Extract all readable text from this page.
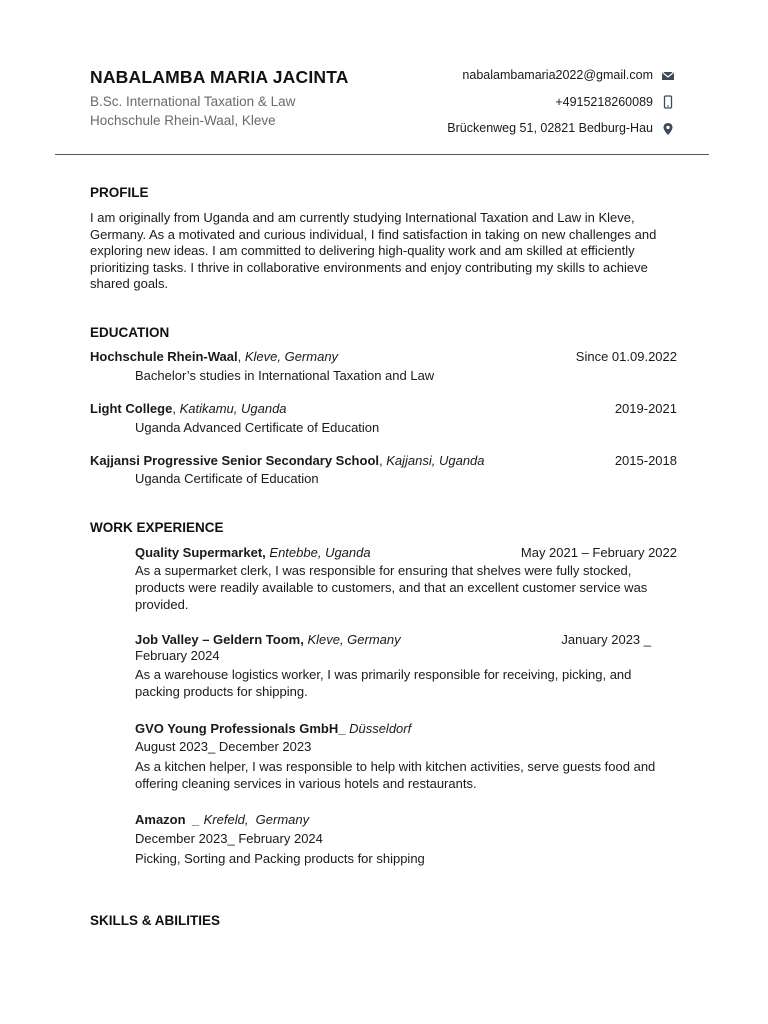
NABALAMBA MARIA JACINTA
B.Sc. International Taxation & Law
Hochschule Rhein-Waal, Kleve
nabalambamaria2022@gmail.com
+4915218260089
Brückenweg 51, 02821 Bedburg-Hau
PROFILE
I am originally from Uganda and am currently studying International Taxation and Law in Kleve,
Germany. As a motivated and curious individual, I find satisfaction in taking on new challenges and
exploring new ideas. I am committed to delivering high-quality work and am skilled at efficiently
prioritizing tasks. I thrive in collaborative environments and enjoy contributing my skills to achieve
shared goals.
EDUCATION
Hochschule Rhein-Waal, Kleve, Germany	Since 01.09.2022
Bachelor’s studies in International Taxation and Law
Light College, Katikamu, Uganda	2019-2021
Uganda Advanced Certificate of Education
Kajjansi Progressive Senior Secondary School, Kajjansi, Uganda	2015-2018
Uganda Certificate of Education
WORK EXPERIENCE
Quality Supermarket, Entebbe, Uganda	May 2021 – February 2022
As a supermarket clerk, I was responsible for ensuring that shelves were fully stocked,
products were readily available to customers, and that an excellent customer service was
provided.
Job Valley – Geldern Toom, Kleve, Germany	January 2023 _
February 2024
As a warehouse logistics worker, I was primarily responsible for receiving, picking, and
packing products for shipping.
GVO Young Professionals GmbH_ Düsseldorf
August 2023_ December 2023
As a kitchen helper, I was responsible to help with kitchen activities, serve guests food and
offering cleaning services in various hotels and restaurants.
Amazon  _ Krefeld,  Germany
December 2023_ February 2024
Picking, Sorting and Packing products for shipping
SKILLS & ABILITIES
